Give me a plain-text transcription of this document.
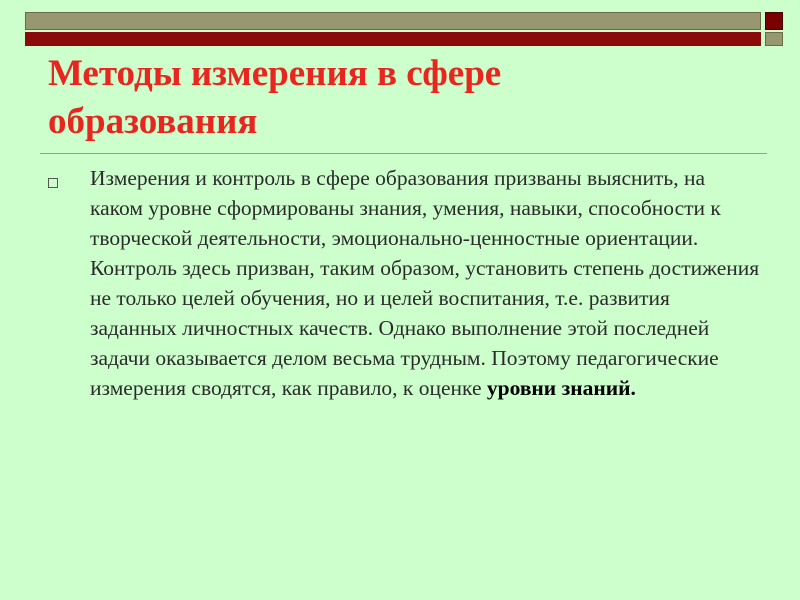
Методы измерения в сфере
образования

Измерения и контроль в сфере образования призваны выяснить, на каком уровне сформированы знания, умения, навыки, способности к творческой деятельности, эмоционально-ценностные ориентации. Контроль здесь призван, таким образом, установить степень достижения не только целей обучения, но и целей воспитания, т.е. развития заданных личностных качеств. Однако выполнение этой последней задачи оказывается делом весьма трудным. Поэтому педагогические измерения сводятся, как правило, к оценке уровни знаний.
